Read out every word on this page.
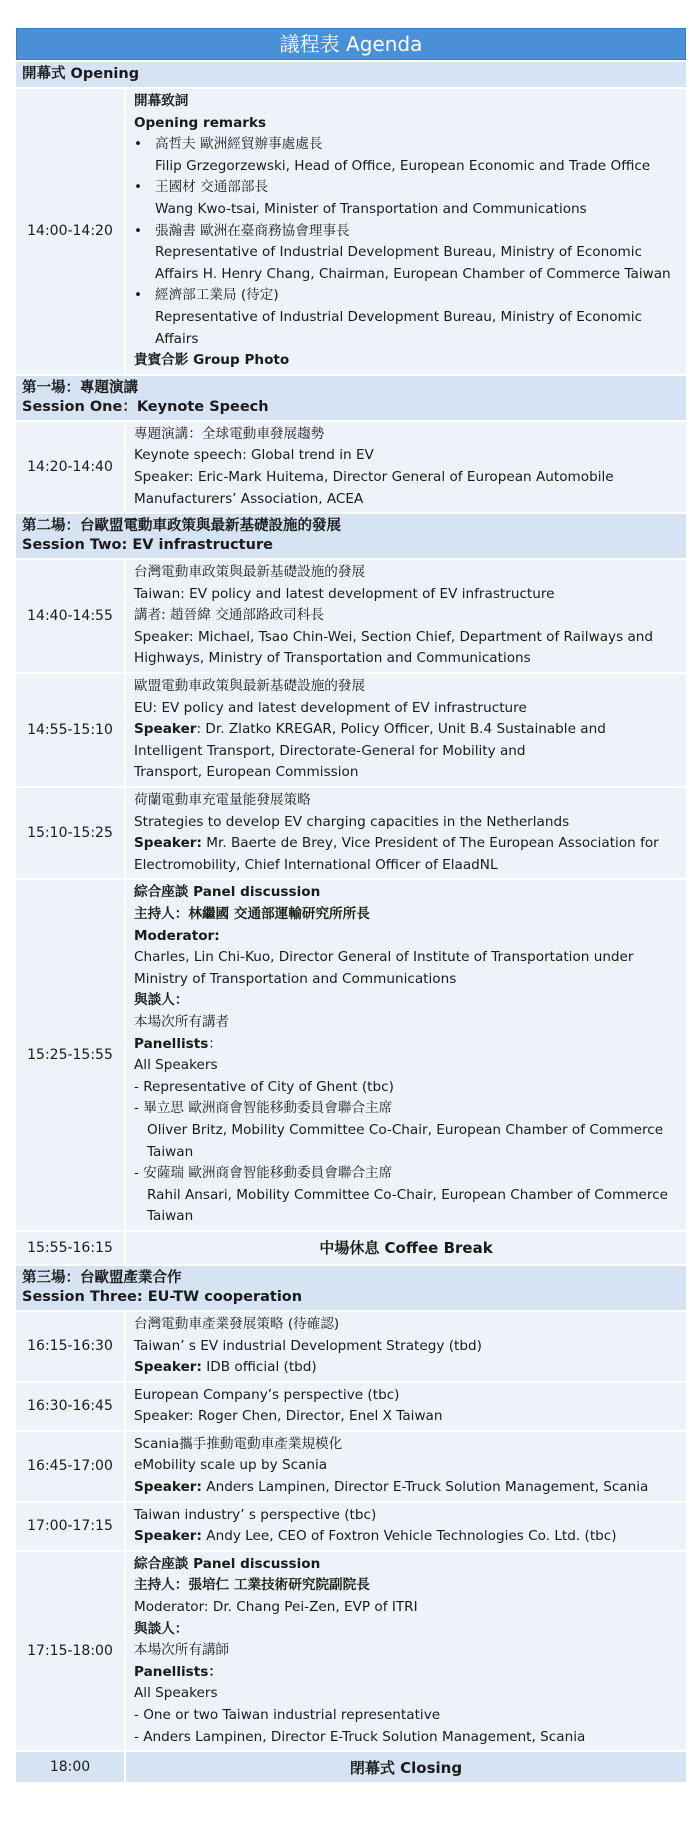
議程表 Agenda
開幕式 Opening
14:00-14:20
開幕致詞
Opening remarks
• 高哲夫 歐洲經貿辦事處處長
Filip Grzegorzewski, Head of Office, European Economic and Trade Office
• 王國材 交通部部長
Wang Kwo-tsai, Minister of Transportation and Communications
• 張瀚書 歐洲在臺商務協會理事長
Representative of Industrial Development Bureau, Ministry of Economic
Affairs H. Henry Chang, Chairman, European Chamber of Commerce Taiwan
• 經濟部工業局 (待定)
Representative of Industrial Development Bureau, Ministry of Economic
Affairs
貴賓合影 Group Photo
第一場：專題演講
Session One：Keynote Speech
14:20-14:40
專題演講：全球電動車發展趨勢
Keynote speech: Global trend in EV
Speaker: Eric-Mark Huitema, Director General of European Automobile
Manufacturers’ Association, ACEA
第二場：台歐盟電動車政策與最新基礎設施的發展
Session Two: EV infrastructure
14:40-14:55
台灣電動車政策與最新基礎設施的發展
Taiwan: EV policy and latest development of EV infrastructure
講者: 趙晉緯 交通部路政司科長
Speaker: Michael, Tsao Chin-Wei, Section Chief, Department of Railways and
Highways, Ministry of Transportation and Communications
14:55-15:10
歐盟電動車政策與最新基礎設施的發展
EU: EV policy and latest development of EV infrastructure
Speaker: Dr. Zlatko KREGAR, Policy Officer, Unit B.4 Sustainable and
Intelligent Transport, Directorate-General for Mobility and
Transport, European Commission
15:10-15:25
荷蘭電動車充電量能發展策略
Strategies to develop EV charging capacities in the Netherlands
Speaker: Mr. Baerte de Brey, Vice President of The European Association for
Electromobility, Chief International Officer of ElaadNL
15:25-15:55
綜合座談 Panel discussion
主持人：林繼國 交通部運輸研究所所長
Moderator:
Charles, Lin Chi-Kuo, Director General of Institute of Transportation under
Ministry of Transportation and Communications
與談人：
本場次所有講者
Panellists：
All Speakers
- Representative of City of Ghent (tbc)
- 畢立思 歐洲商會智能移動委員會聯合主席
Oliver Britz, Mobility Committee Co-Chair, European Chamber of Commerce
Taiwan
- 安薩瑞 歐洲商會智能移動委員會聯合主席
Rahil Ansari, Mobility Committee Co-Chair, European Chamber of Commerce
Taiwan
15:55-16:15	中場休息 Coffee Break
第三場：台歐盟產業合作
Session Three: EU-TW cooperation
16:15-16:30
台灣電動車產業發展策略 (待確認)
Taiwan’ s EV industrial Development Strategy (tbd)
Speaker: IDB official (tbd)
16:30-16:45
European Company’s perspective (tbc)
Speaker: Roger Chen, Director, Enel X Taiwan
16:45-17:00
Scania攜手推動電動車產業規模化
eMobility scale up by Scania
Speaker: Anders Lampinen, Director E-Truck Solution Management, Scania
17:00-17:15
Taiwan industry’ s perspective (tbc)
Speaker: Andy Lee, CEO of Foxtron Vehicle Technologies Co. Ltd. (tbc)
17:15-18:00
綜合座談 Panel discussion
主持人：張培仁 工業技術研究院副院長
Moderator: Dr. Chang Pei-Zen, EVP of ITRI
與談人：
本場次所有講師
Panellists：
All Speakers
- One or two Taiwan industrial representative
- Anders Lampinen, Director E-Truck Solution Management, Scania
18:00	閉幕式 Closing
